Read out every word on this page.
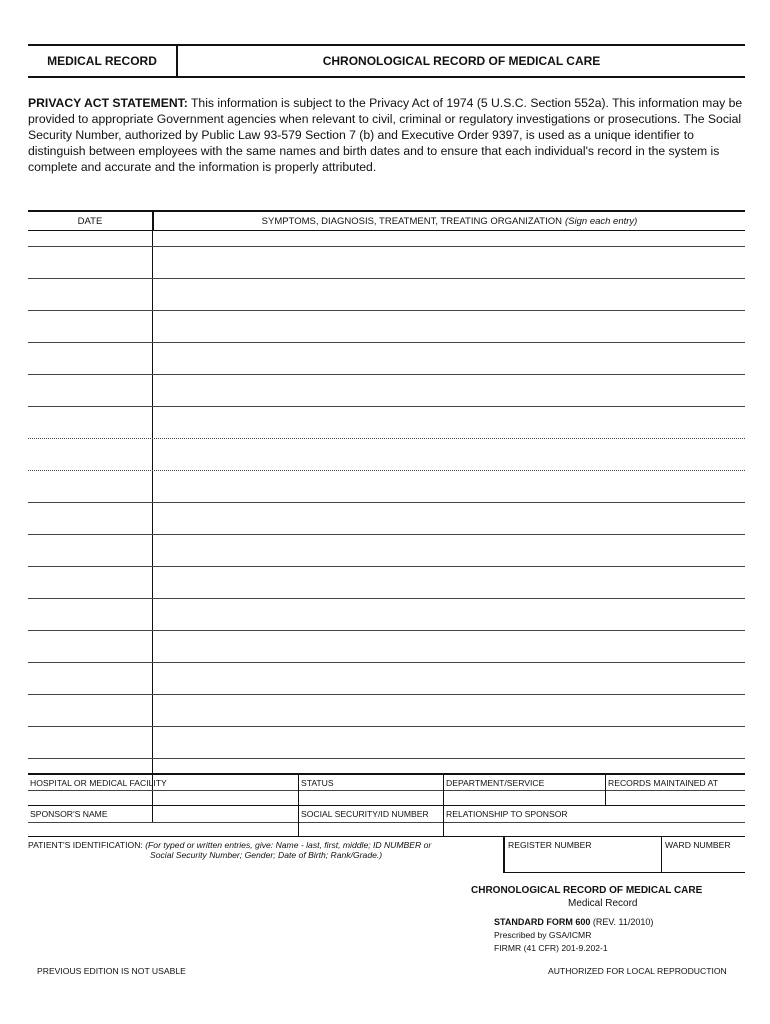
MEDICAL RECORD	CHRONOLOGICAL RECORD OF MEDICAL CARE
PRIVACY ACT STATEMENT: This information is subject to the Privacy Act of 1974 (5 U.S.C. Section 552a). This information may be provided to appropriate Government agencies when relevant to civil, criminal or regulatory investigations or prosecutions. The Social Security Number, authorized by Public Law 93-579 Section 7 (b) and Executive Order 9397, is used as a unique identifier to distinguish between employees with the same names and birth dates and to ensure that each individual's record in the system is complete and accurate and the information is properly attributed.
DATE	SYMPTOMS, DIAGNOSIS, TREATMENT, TREATING ORGANIZATION (Sign each entry)
HOSPITAL OR MEDICAL FACILITY	STATUS	DEPARTMENT/SERVICE	RECORDS MAINTAINED AT
SPONSOR'S NAME	SOCIAL SECURITY/ID NUMBER	RELATIONSHIP TO SPONSOR
PATIENT'S IDENTIFICATION: (For typed or written entries, give: Name - last, first, middle; ID NUMBER or
Social Security Number; Gender; Date of Birth; Rank/Grade.)
REGISTER NUMBER	WARD NUMBER
CHRONOLOGICAL RECORD OF MEDICAL CARE
Medical Record
STANDARD FORM 600 (REV. 11/2010)
Prescribed by GSA/ICMR
FIRMR (41 CFR) 201-9.202-1
PREVIOUS EDITION IS NOT USABLE	AUTHORIZED FOR LOCAL REPRODUCTION
